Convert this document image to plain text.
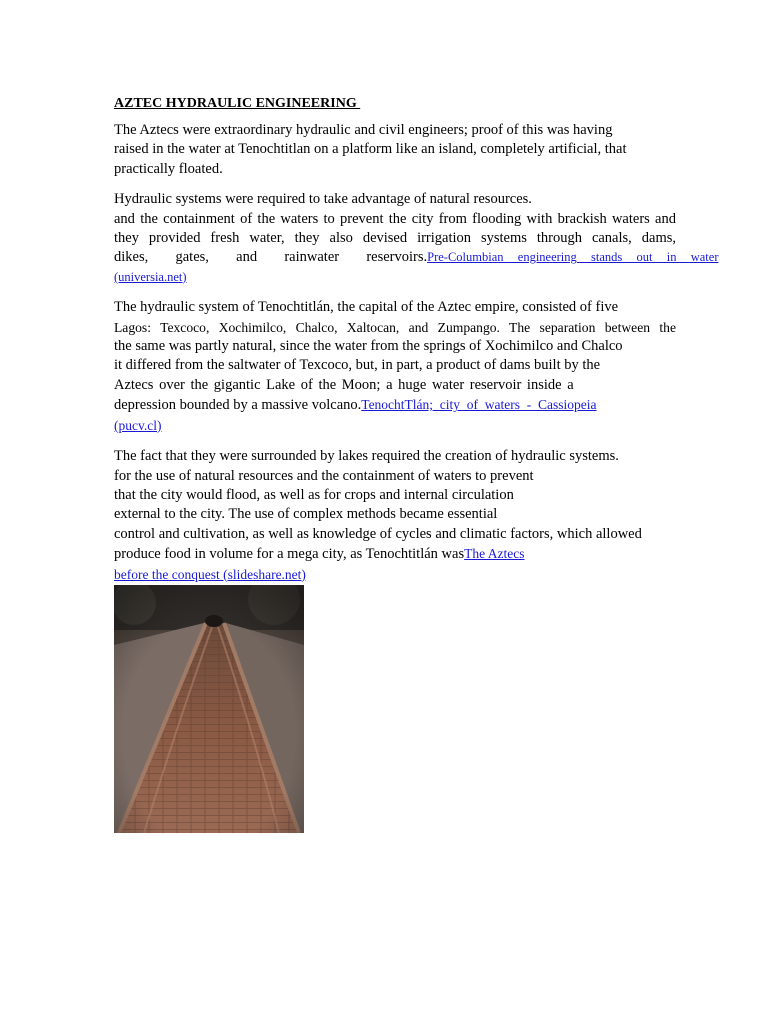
AZTEC HYDRAULIC ENGINEERING

The Aztecs were extraordinary hydraulic and civil engineers; proof of this was having
raised in the water at Tenochtitlan on a platform like an island, completely artificial, that
practically floated.

Hydraulic systems were required to take advantage of natural resources.
and the containment of the waters to prevent the city from flooding with brackish waters and
they provided fresh water, they also devised irrigation systems through canals, dams,
dikes,  gates,  and  rainwater  reservoirs.Pre-Columbian  engineering  stands  out  in  water
(universia.net)

The hydraulic system of Tenochtitlán, the capital of the Aztec empire, consisted of five
Lagos: Texcoco, Xochimilco, Chalco, Xaltocan, and Zumpango. The separation between the
the same was partly natural, since the water from the springs of Xochimilco and Chalco
it differed from the saltwater of Texcoco, but, in part, a product of dams built by the
Aztecs over the gigantic Lake of the Moon; a huge water reservoir inside a
depression bounded by a massive volcano.TenochtTlán;  city  of  waters  -  Cassiopeia
(pucv.cl)

The fact that they were surrounded by lakes required the creation of hydraulic systems.
for the use of natural resources and the containment of waters to prevent
that the city would flood, as well as for crops and internal circulation
external to the city. The use of complex methods became essential
control and cultivation, as well as knowledge of cycles and climatic factors, which allowed
produce food in volume for a mega city, as Tenochtitlán wasThe Aztecs
before the conquest (slideshare.net)
